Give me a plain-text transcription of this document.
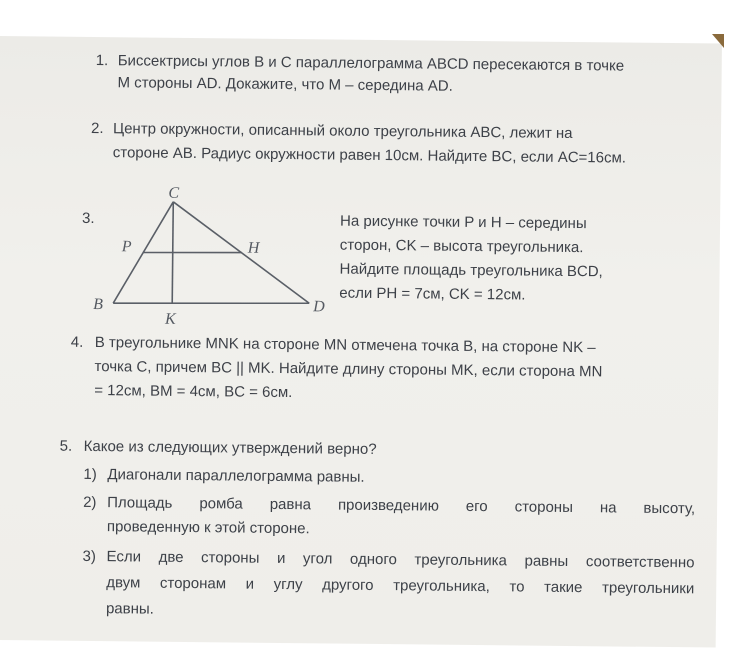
1. Биссектрисы углов B и C параллелограмма ABCD пересекаются в точке
M стороны AD. Докажите, что M – середина AD.
2. Центр окружности, описанный около треугольника ABC, лежит на
стороне AB. Радиус окружности равен 10см. Найдите BC, если AC=16см.
3.
C
P	H
B	D
K
На рисунке точки P и H – середины
сторон, CK – высота треугольника.
Найдите площадь треугольника BCD,
если PH = 7см, CK = 12см.
4. В треугольнике MNK на стороне MN отмечена точка B, на стороне NK –
точка C, причем BC || MK. Найдите длину стороны MK, если сторона MN
= 12см, BM = 4см, BC = 6см.
5. Какое из следующих утверждений верно?
1) Диагонали параллелограмма равны.
2) Площадь ромба равна произведению его стороны на высоту,
проведенную к этой стороне.
3) Если две стороны и угол одного треугольника равны соответственно
двум сторонам и углу другого треугольника, то такие треугольники
равны.
